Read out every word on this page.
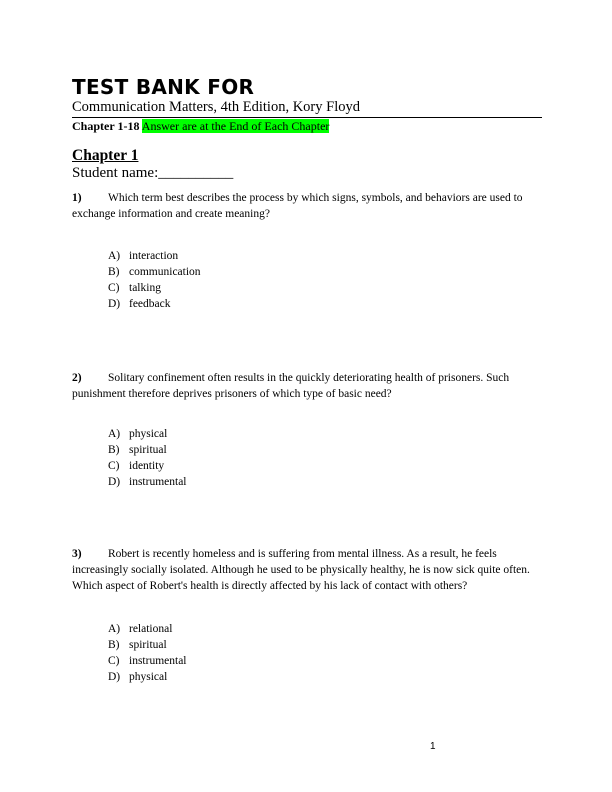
TEST BANK FOR
Communication Matters, 4th Edition, Kory Floyd
Chapter 1-18 Answer are at the End of Each Chapter
Chapter 1
Student name:__________
1) Which term best describes the process by which signs, symbols, and behaviors are used to exchange information and create meaning?
A) interaction
B) communication
C) talking
D) feedback
2) Solitary confinement often results in the quickly deteriorating health of prisoners. Such punishment therefore deprives prisoners of which type of basic need?
A) physical
B) spiritual
C) identity
D) instrumental
3) Robert is recently homeless and is suffering from mental illness. As a result, he feels increasingly socially isolated. Although he used to be physically healthy, he is now sick quite often. Which aspect of Robert's health is directly affected by his lack of contact with others?
A) relational
B) spiritual
C) instrumental
D) physical
1
